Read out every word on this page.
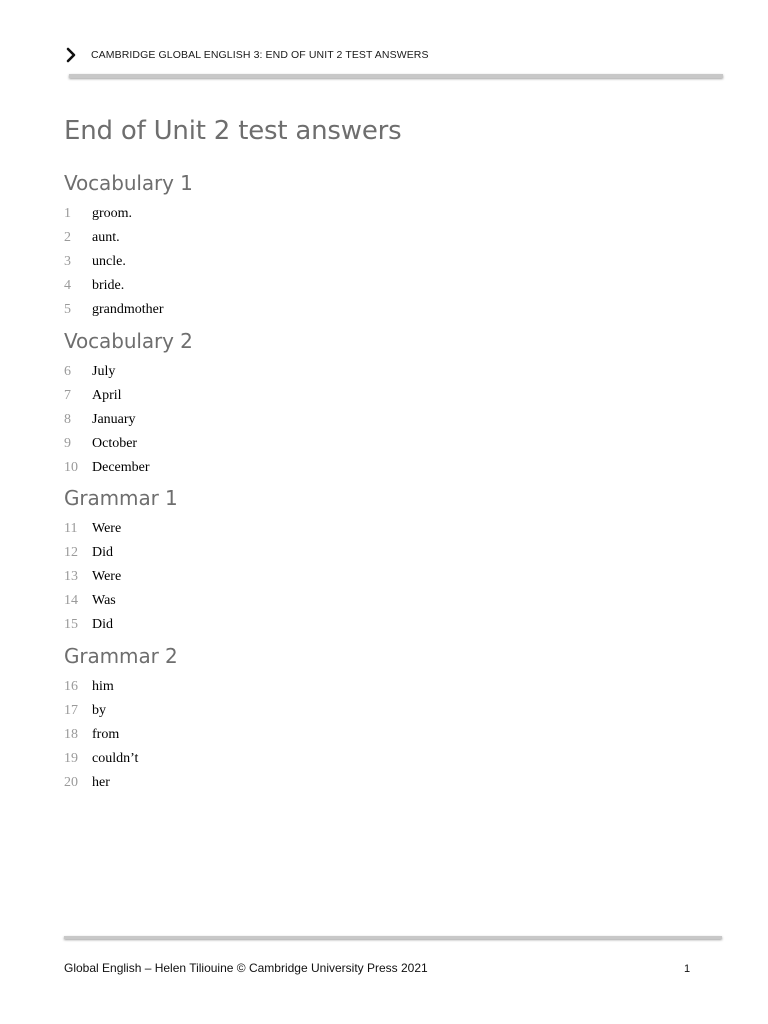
CAMBRIDGE GLOBAL ENGLISH 3: END OF UNIT 2 TEST ANSWERS
End of Unit 2 test answers
Vocabulary 1
1 groom.
2 aunt.
3 uncle.
4 bride.
5 grandmother
Vocabulary 2
6 July
7 April
8 January
9 October
10 December
Grammar 1
11 Were
12 Did
13 Were
14 Was
15 Did
Grammar 2
16 him
17 by
18 from
19 couldn’t
20 her
Global English – Helen Tiliouine © Cambridge University Press 2021	1
